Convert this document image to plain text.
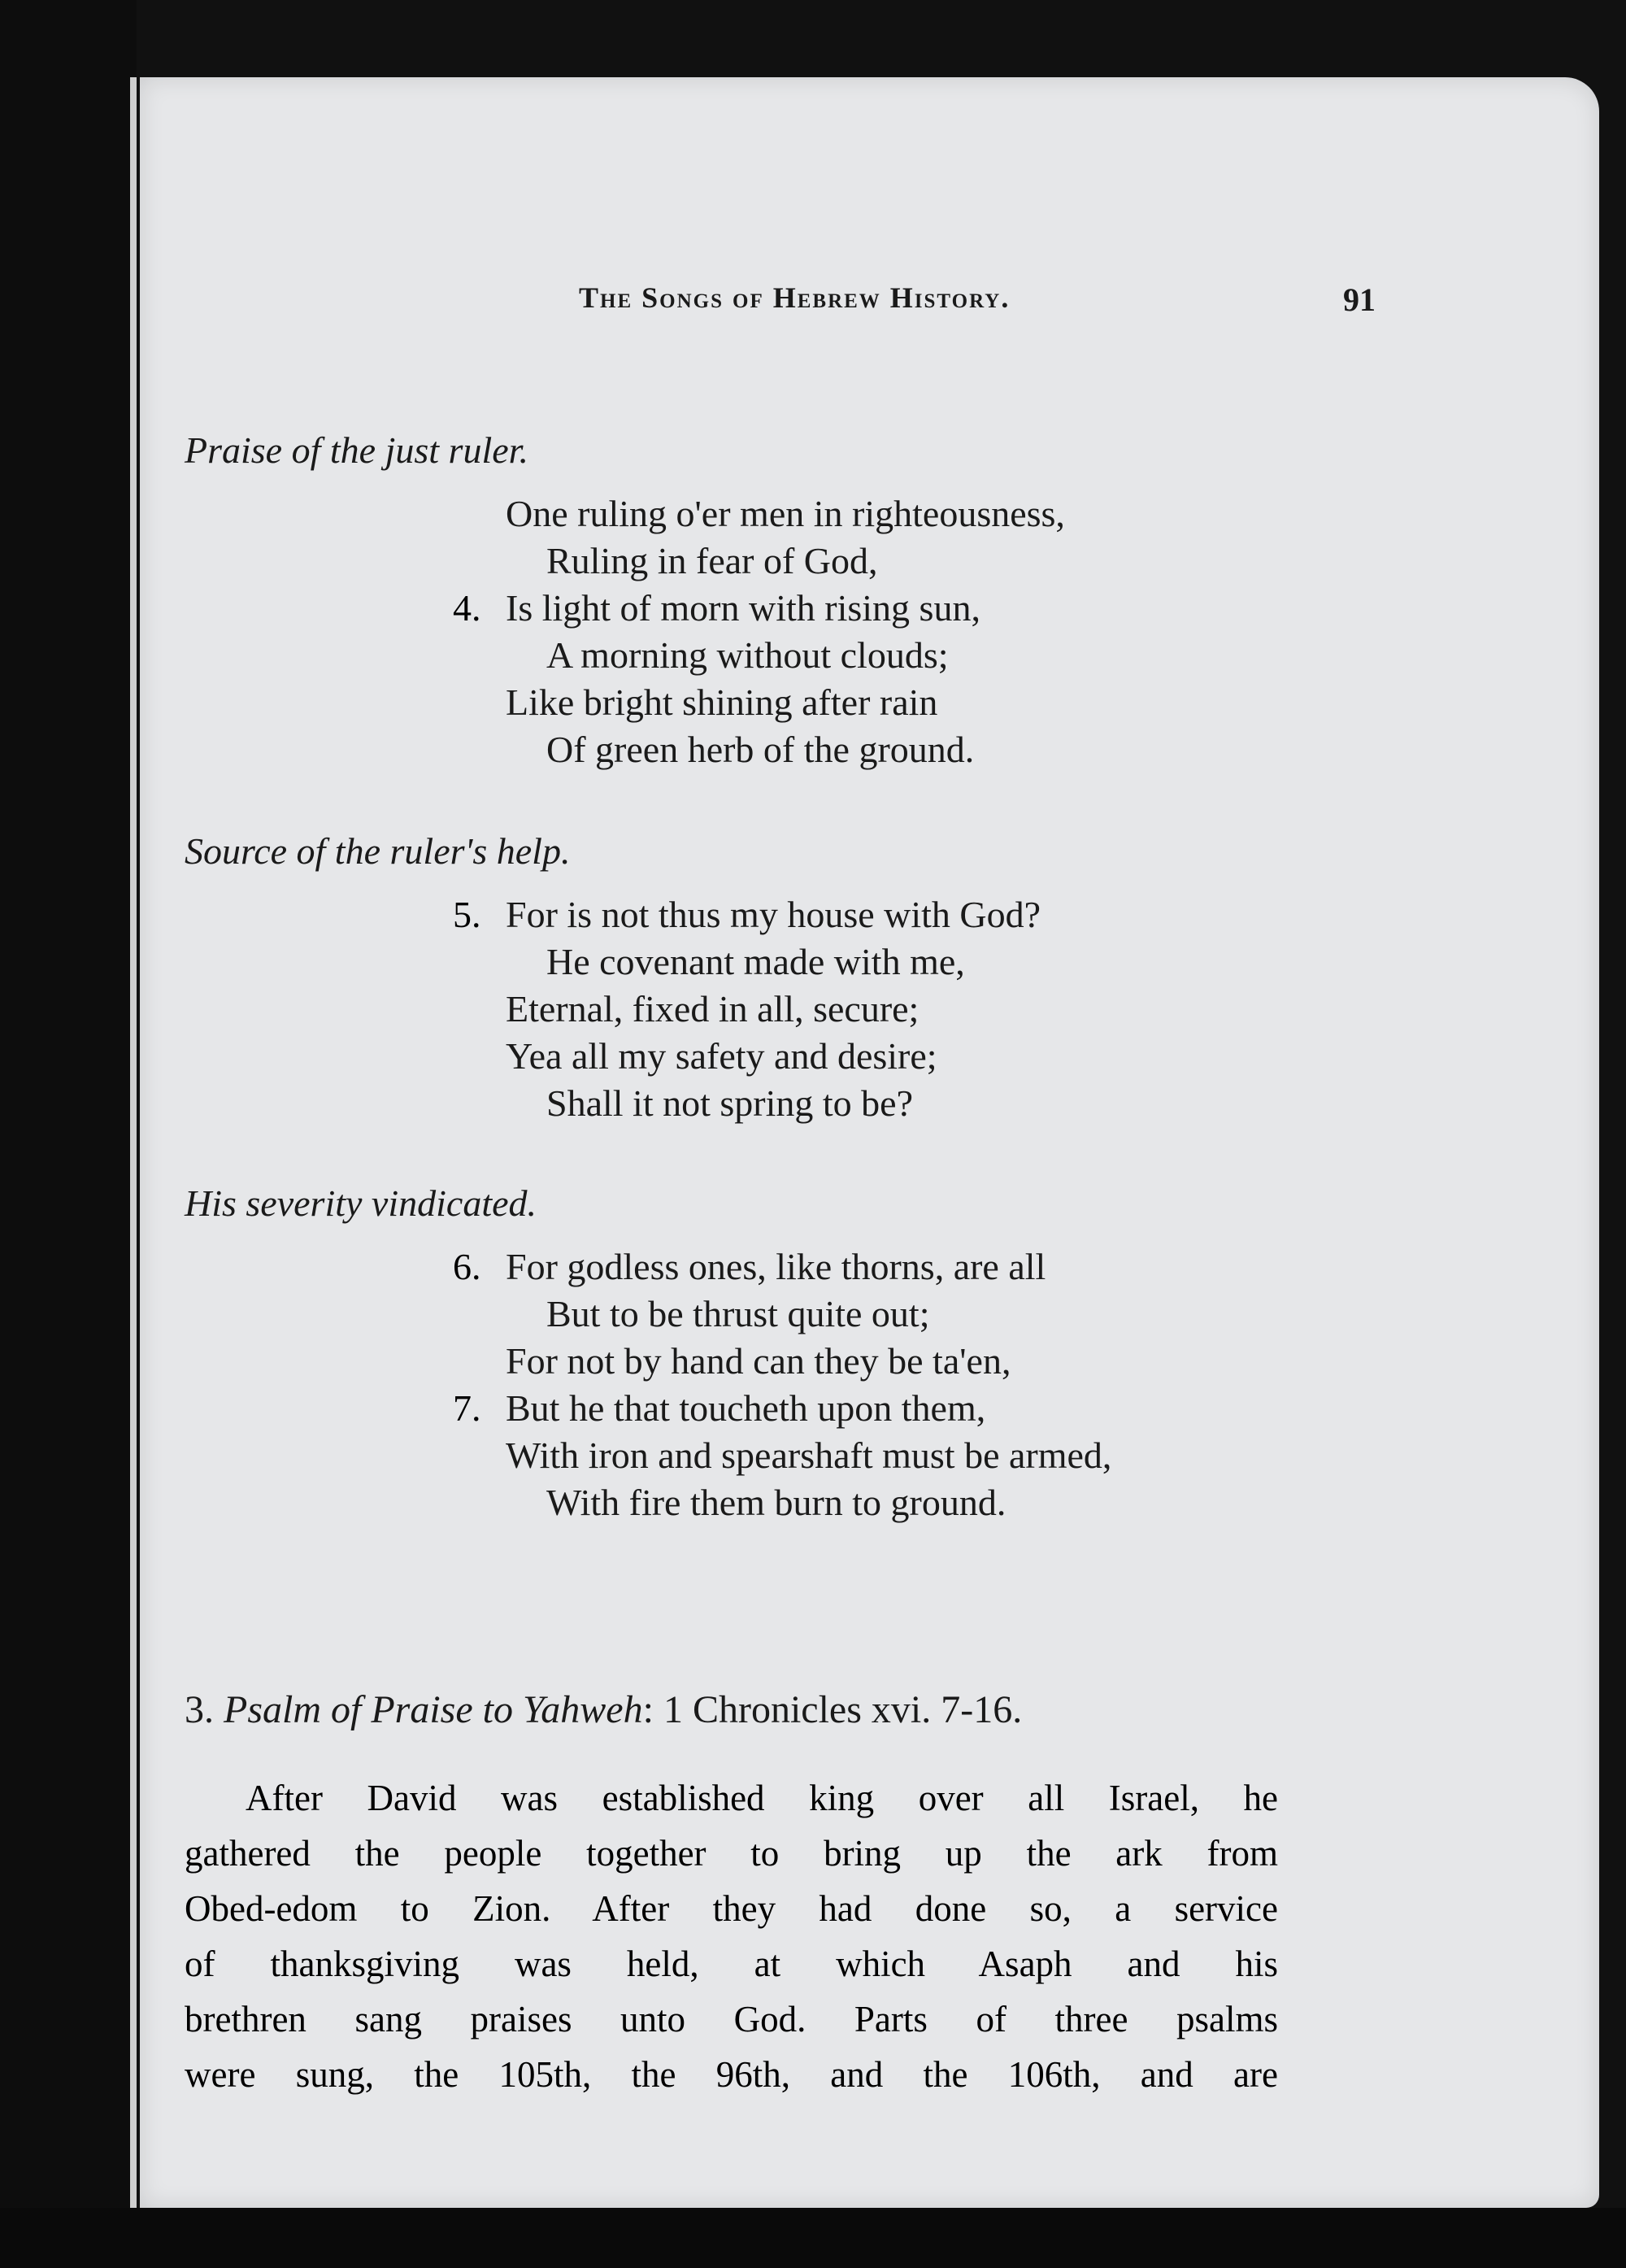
The Songs of Hebrew History.	91
Praise of the just ruler.
One ruling o'er men in righteousness,
Ruling in fear of God,
4. Is light of morn with rising sun,
A morning without clouds;
Like bright shining after rain
Of green herb of the ground.
Source of the ruler's help.
5. For is not thus my house with God?
He covenant made with me,
Eternal, fixed in all, secure;
Yea all my safety and desire;
Shall it not spring to be?
His severity vindicated.
6. For godless ones, like thorns, are all
But to be thrust quite out;
For not by hand can they be ta'en,
7. But he that toucheth upon them,
With iron and spearshaft must be armed,
With fire them burn to ground.
3. Psalm of Praise to Yahweh: 1 Chronicles xvi. 7-16.
After David was established king over all Israel, he
gathered the people together to bring up the ark from
Obed-edom to Zion. After they had done so, a service
of thanksgiving was held, at which Asaph and his
brethren sang praises unto God. Parts of three psalms
were sung, the 105th, the 96th, and the 106th, and are
